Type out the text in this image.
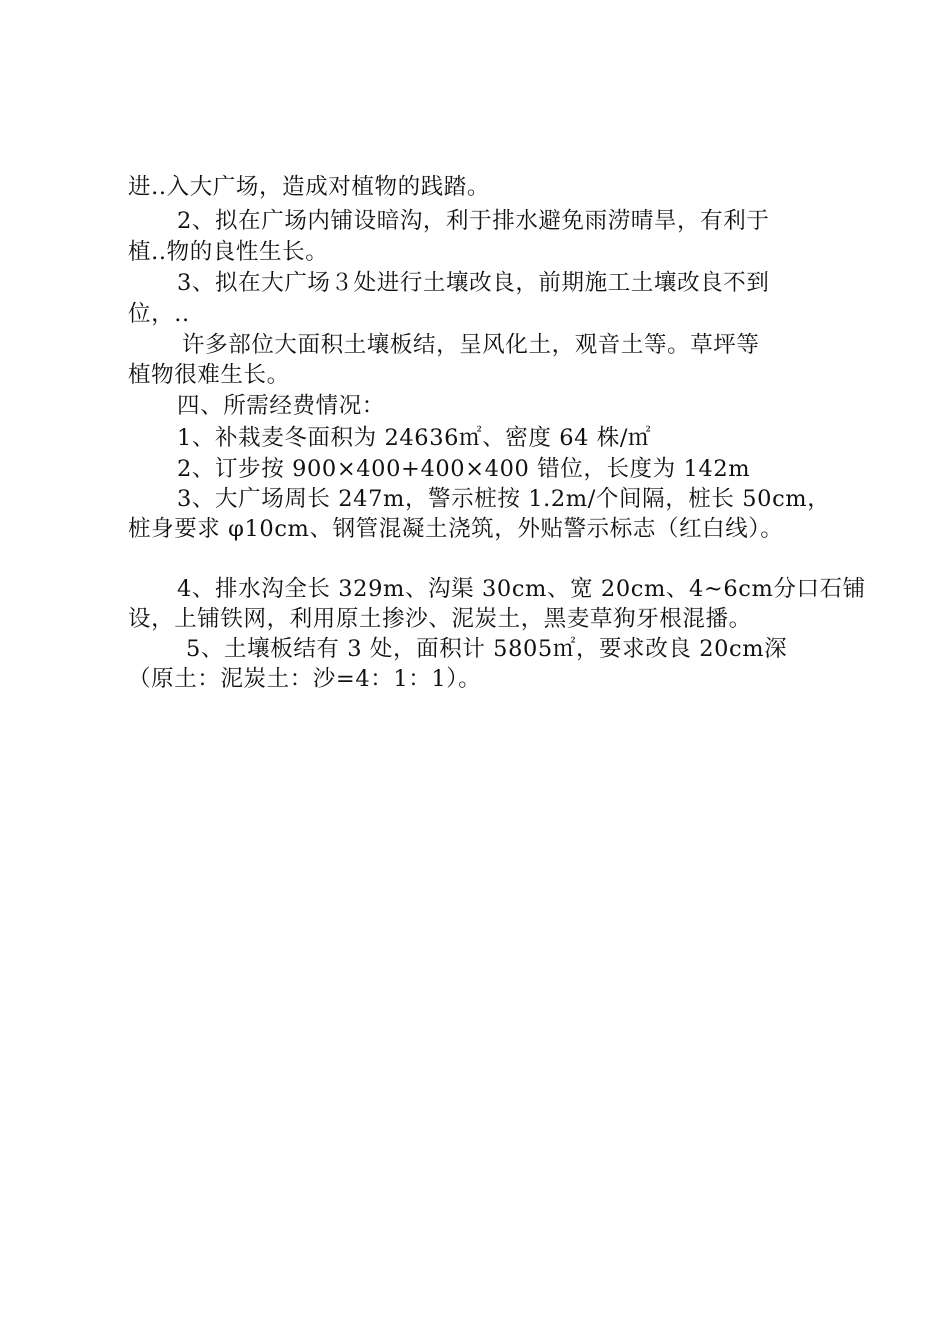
进..入大广场，造成对植物的践踏。
2、拟在广场内铺设暗沟，利于排水避免雨涝晴旱，有利于
植..物的良性生长。
3、拟在大广场３处进行土壤改良，前期施工土壤改良不到
位，..
许多部位大面积土壤板结，呈风化土，观音土等。草坪等
植物很难生长。
四、所需经费情况：
1、补栽麦冬面积为 24636㎡、密度 64 株/㎡
2、订步按 900×400+400×400 错位，长度为 142m
3、大广场周长 247m，警示桩按 1.2m/个间隔，桩长 50cm，
桩身要求 φ10cm、钢管混凝土浇筑，外贴警示标志（红白线）。
4、排水沟全长 329m、沟渠 30cm、宽 20cm、4~6cm分口石铺
设，上铺铁网，利用原土掺沙、泥炭土，黑麦草狗牙根混播。
5、土壤板结有 3 处，面积计 5805㎡，要求改良 20cm深
（原土：泥炭土：沙=4：1：1）。
